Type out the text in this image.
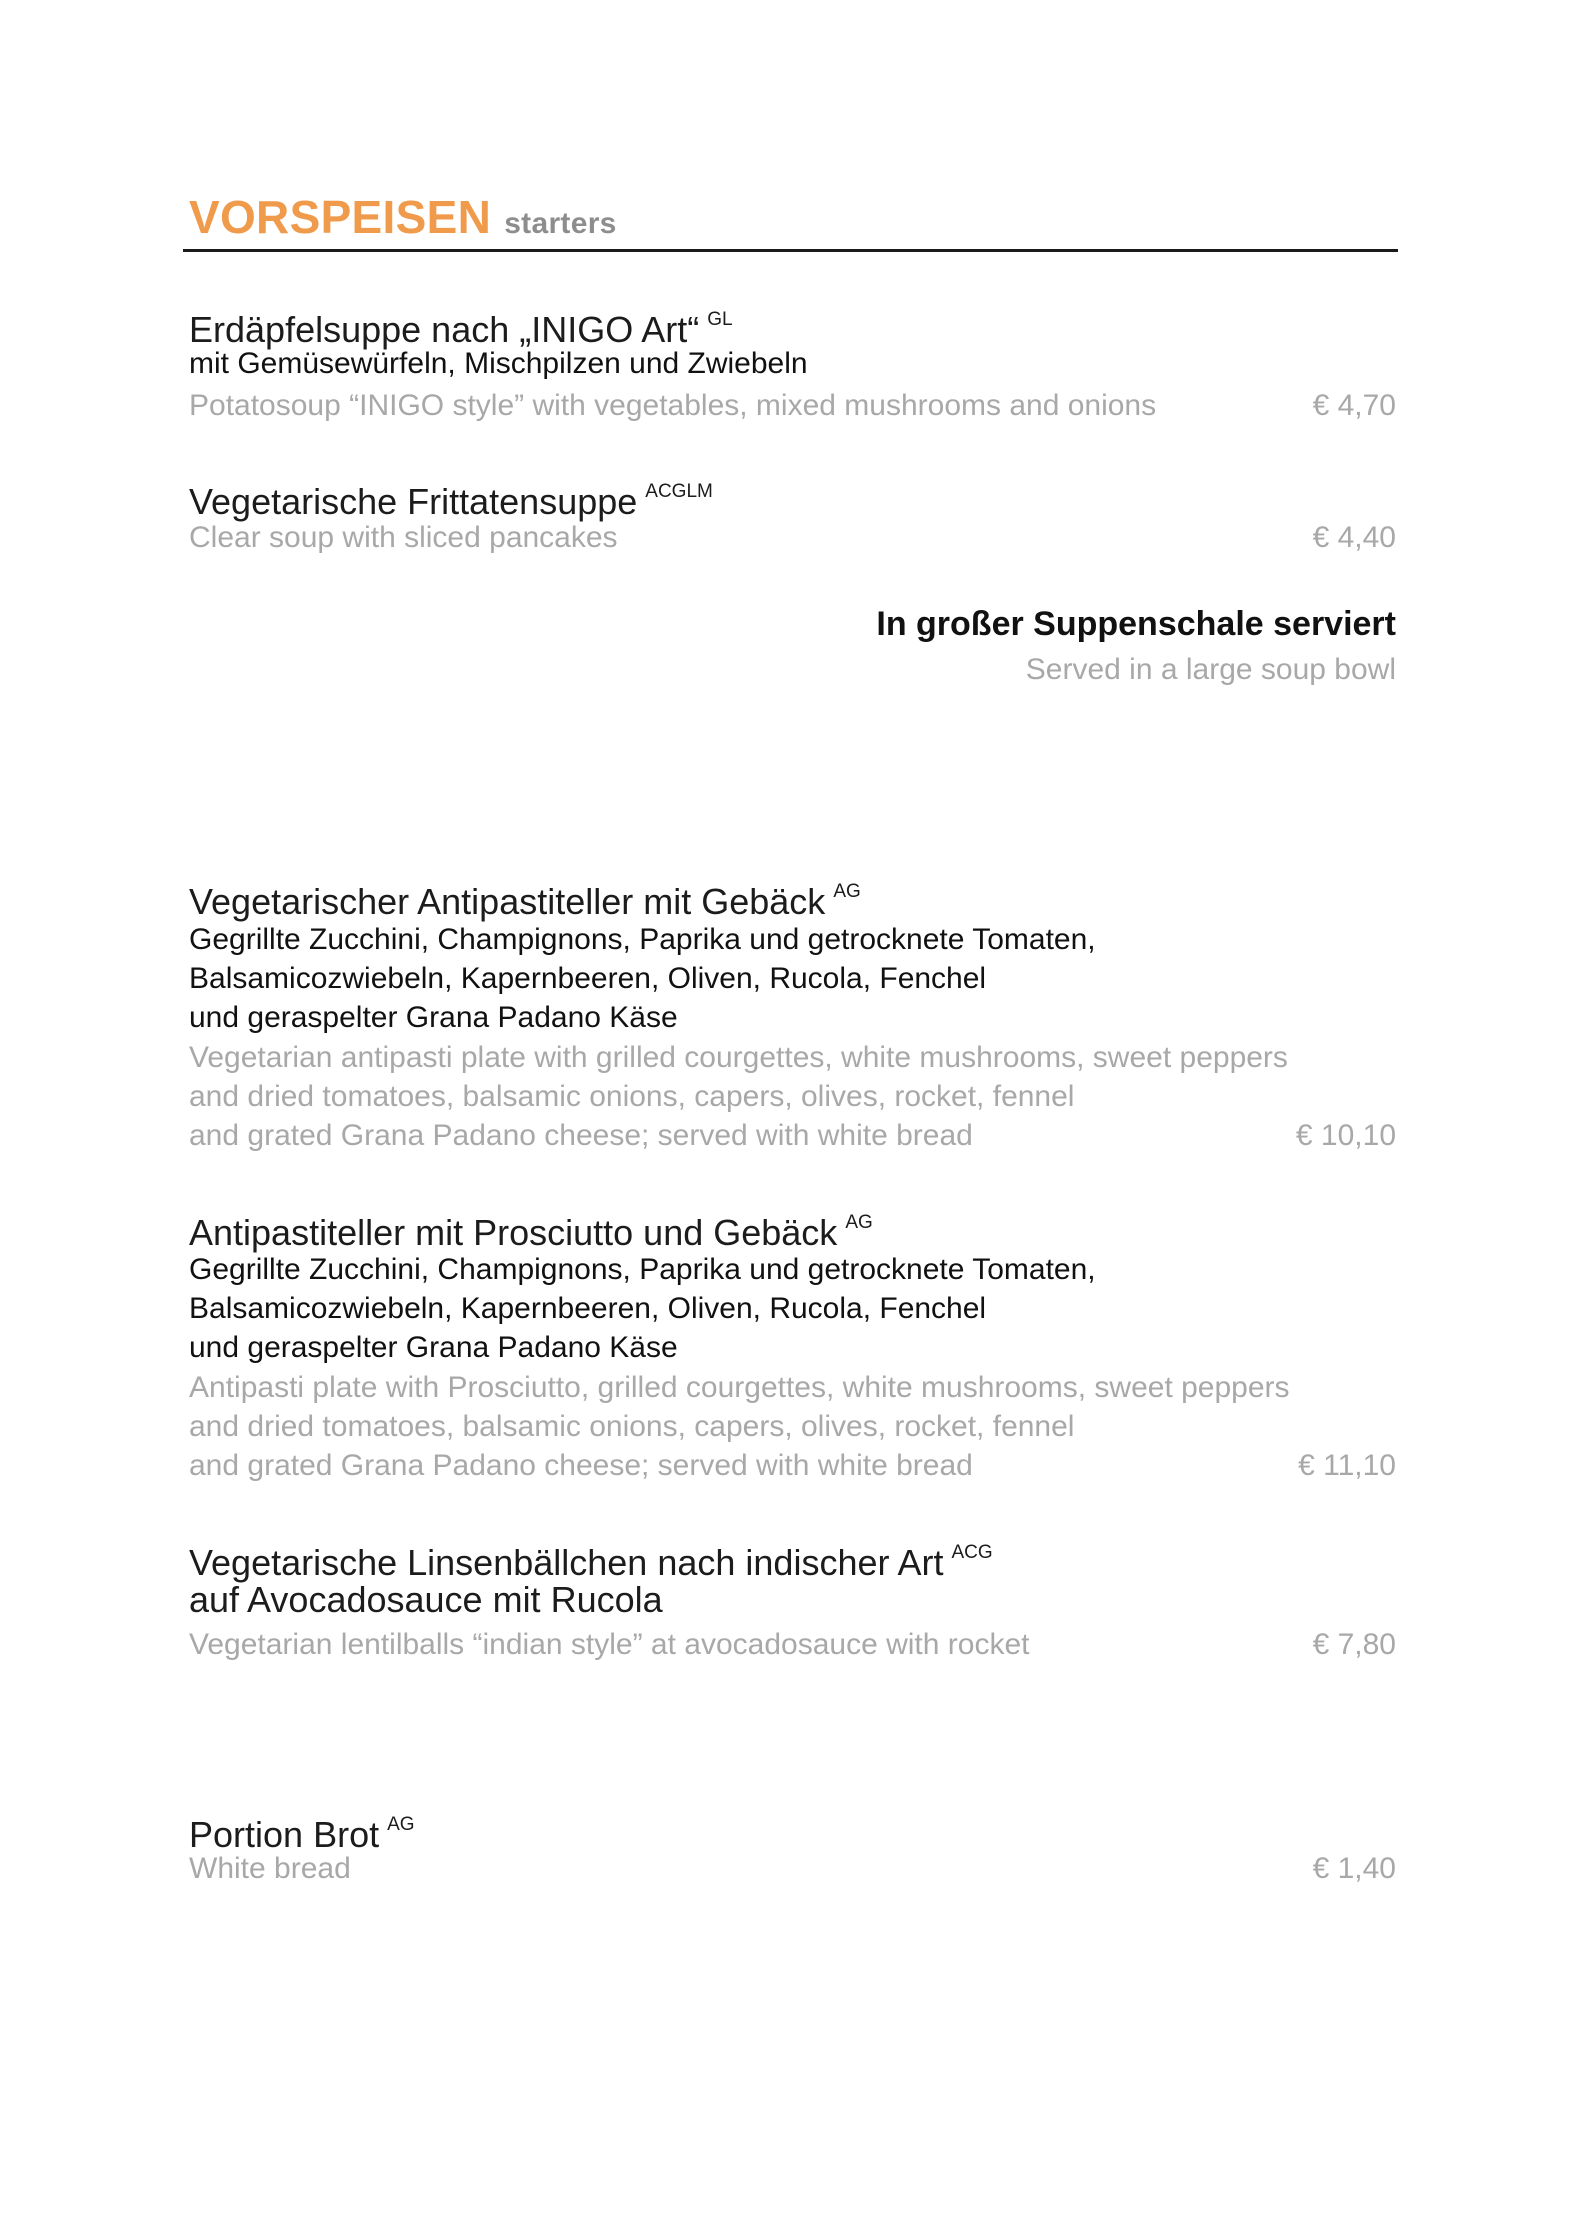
VORSPEISEN starters
Erdäpfelsuppe nach „INIGO Art“ $^{GL}$
mit Gemüsewürfeln, Mischpilzen und Zwiebeln
Potatosoup “INIGO style” with vegetables, mixed mushrooms and onions	€ 4,70
Vegetarische Frittatensuppe $^{ACGLM}$
Clear soup with sliced pancakes	€ 4,40
In großer Suppenschale serviert
Served in a large soup bowl
Vegetarischer Antipastiteller mit Gebäck $^{AG}$
Gegrillte Zucchini, Champignons, Paprika und getrocknete Tomaten,
Balsamicozwiebeln, Kapernbeeren, Oliven, Rucola, Fenchel
und geraspelter Grana Padano Käse
Vegetarian antipasti plate with grilled courgettes, white mushrooms, sweet peppers
and dried tomatoes, balsamic onions, capers, olives, rocket, fennel
and grated Grana Padano cheese; served with white bread	€ 10,10
Antipastiteller mit Prosciutto und Gebäck $^{AG}$
Gegrillte Zucchini, Champignons, Paprika und getrocknete Tomaten,
Balsamicozwiebeln, Kapernbeeren, Oliven, Rucola, Fenchel
und geraspelter Grana Padano Käse
Antipasti plate with Prosciutto, grilled courgettes, white mushrooms, sweet peppers
and dried tomatoes, balsamic onions, capers, olives, rocket, fennel
and grated Grana Padano cheese; served with white bread	€ 11,10
Vegetarische Linsenbällchen nach indischer Art $^{ACG}$
auf Avocadosauce mit Rucola
Vegetarian lentilballs “indian style” at avocadosauce with rocket	€ 7,80
Portion Brot $^{AG}$
White bread	€ 1,40
